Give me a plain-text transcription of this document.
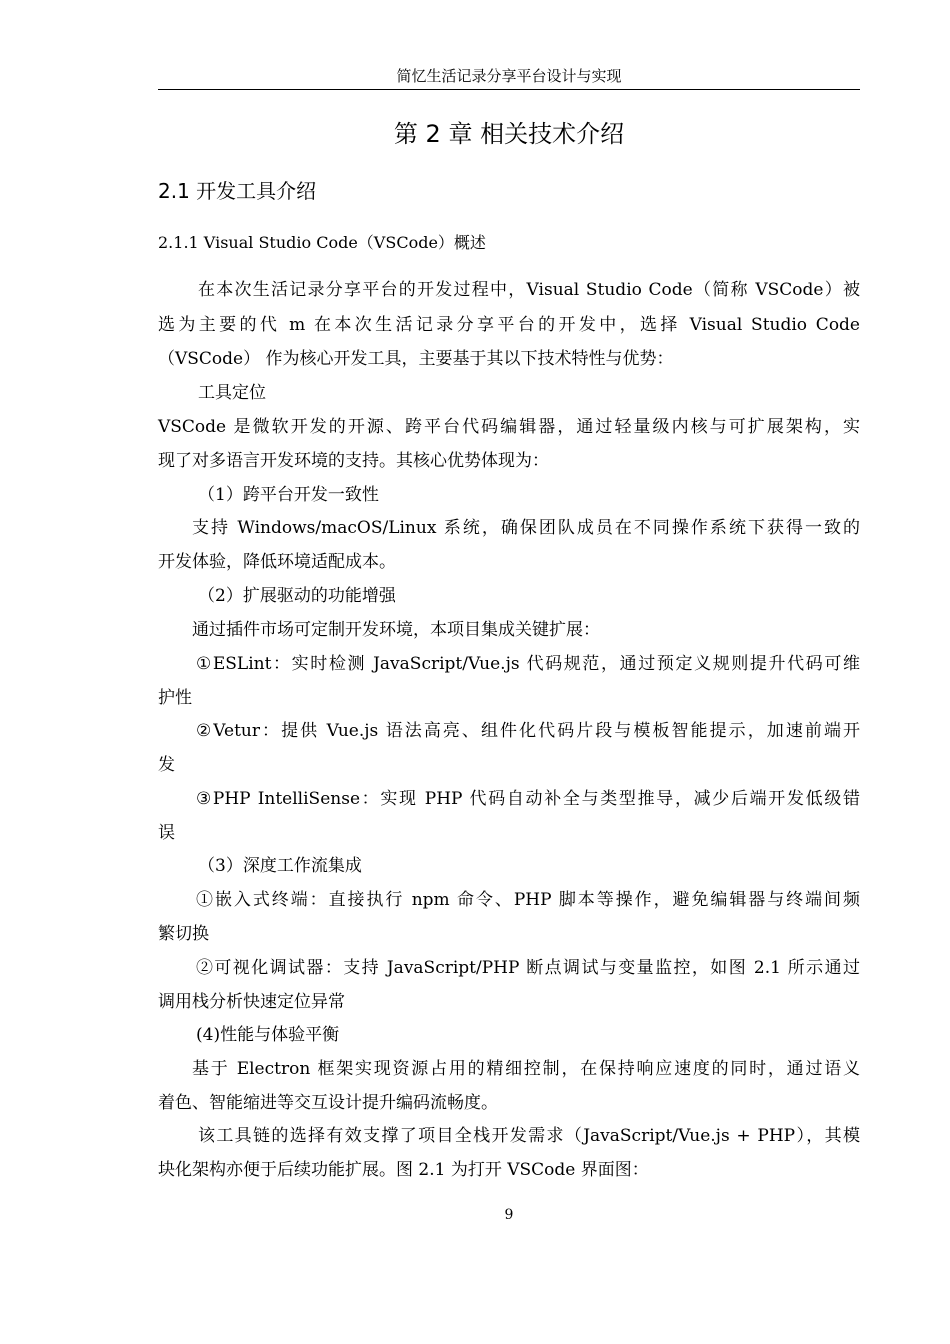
简忆生活记录分享平台设计与实现
第 2 章 相关技术介绍
2.1 开发工具介绍
2.1.1 Visual Studio Code（VSCode）概述
在本次生活记录分享平台的开发过程中，Visual Studio Code（简称 VSCode）被
选为主要的代 m 在本次生活记录分享平台的开发中，选择 Visual Studio Code
（VSCode） 作为核心开发工具，主要基于其以下技术特性与优势：
工具定位
VSCode 是微软开发的开源、跨平台代码编辑器，通过轻量级内核与可扩展架构，实
现了对多语言开发环境的支持。其核心优势体现为：
（1）跨平台开发一致性
支持 Windows/macOS/Linux 系统，确保团队成员在不同操作系统下获得一致的
开发体验，降低环境适配成本。
（2）扩展驱动的功能增强
通过插件市场可定制开发环境，本项目集成关键扩展：
①ESLint：实时检测 JavaScript/Vue.js 代码规范，通过预定义规则提升代码可维
护性
②Vetur：提供 Vue.js 语法高亮、组件化代码片段与模板智能提示，加速前端开
发
③PHP IntelliSense：实现 PHP 代码自动补全与类型推导，减少后端开发低级错
误
（3）深度工作流集成
①嵌入式终端：直接执行 npm 命令、PHP 脚本等操作，避免编辑器与终端间频
繁切换
②可视化调试器：支持 JavaScript/PHP 断点调试与变量监控，如图 2.1 所示通过
调用栈分析快速定位异常
(4)性能与体验平衡
基于 Electron 框架实现资源占用的精细控制，在保持响应速度的同时，通过语义
着色、智能缩进等交互设计提升编码流畅度。
该工具链的选择有效支撑了项目全栈开发需求（JavaScript/Vue.js + PHP），其模
块化架构亦便于后续功能扩展。图 2.1 为打开 VSCode 界面图：
9
